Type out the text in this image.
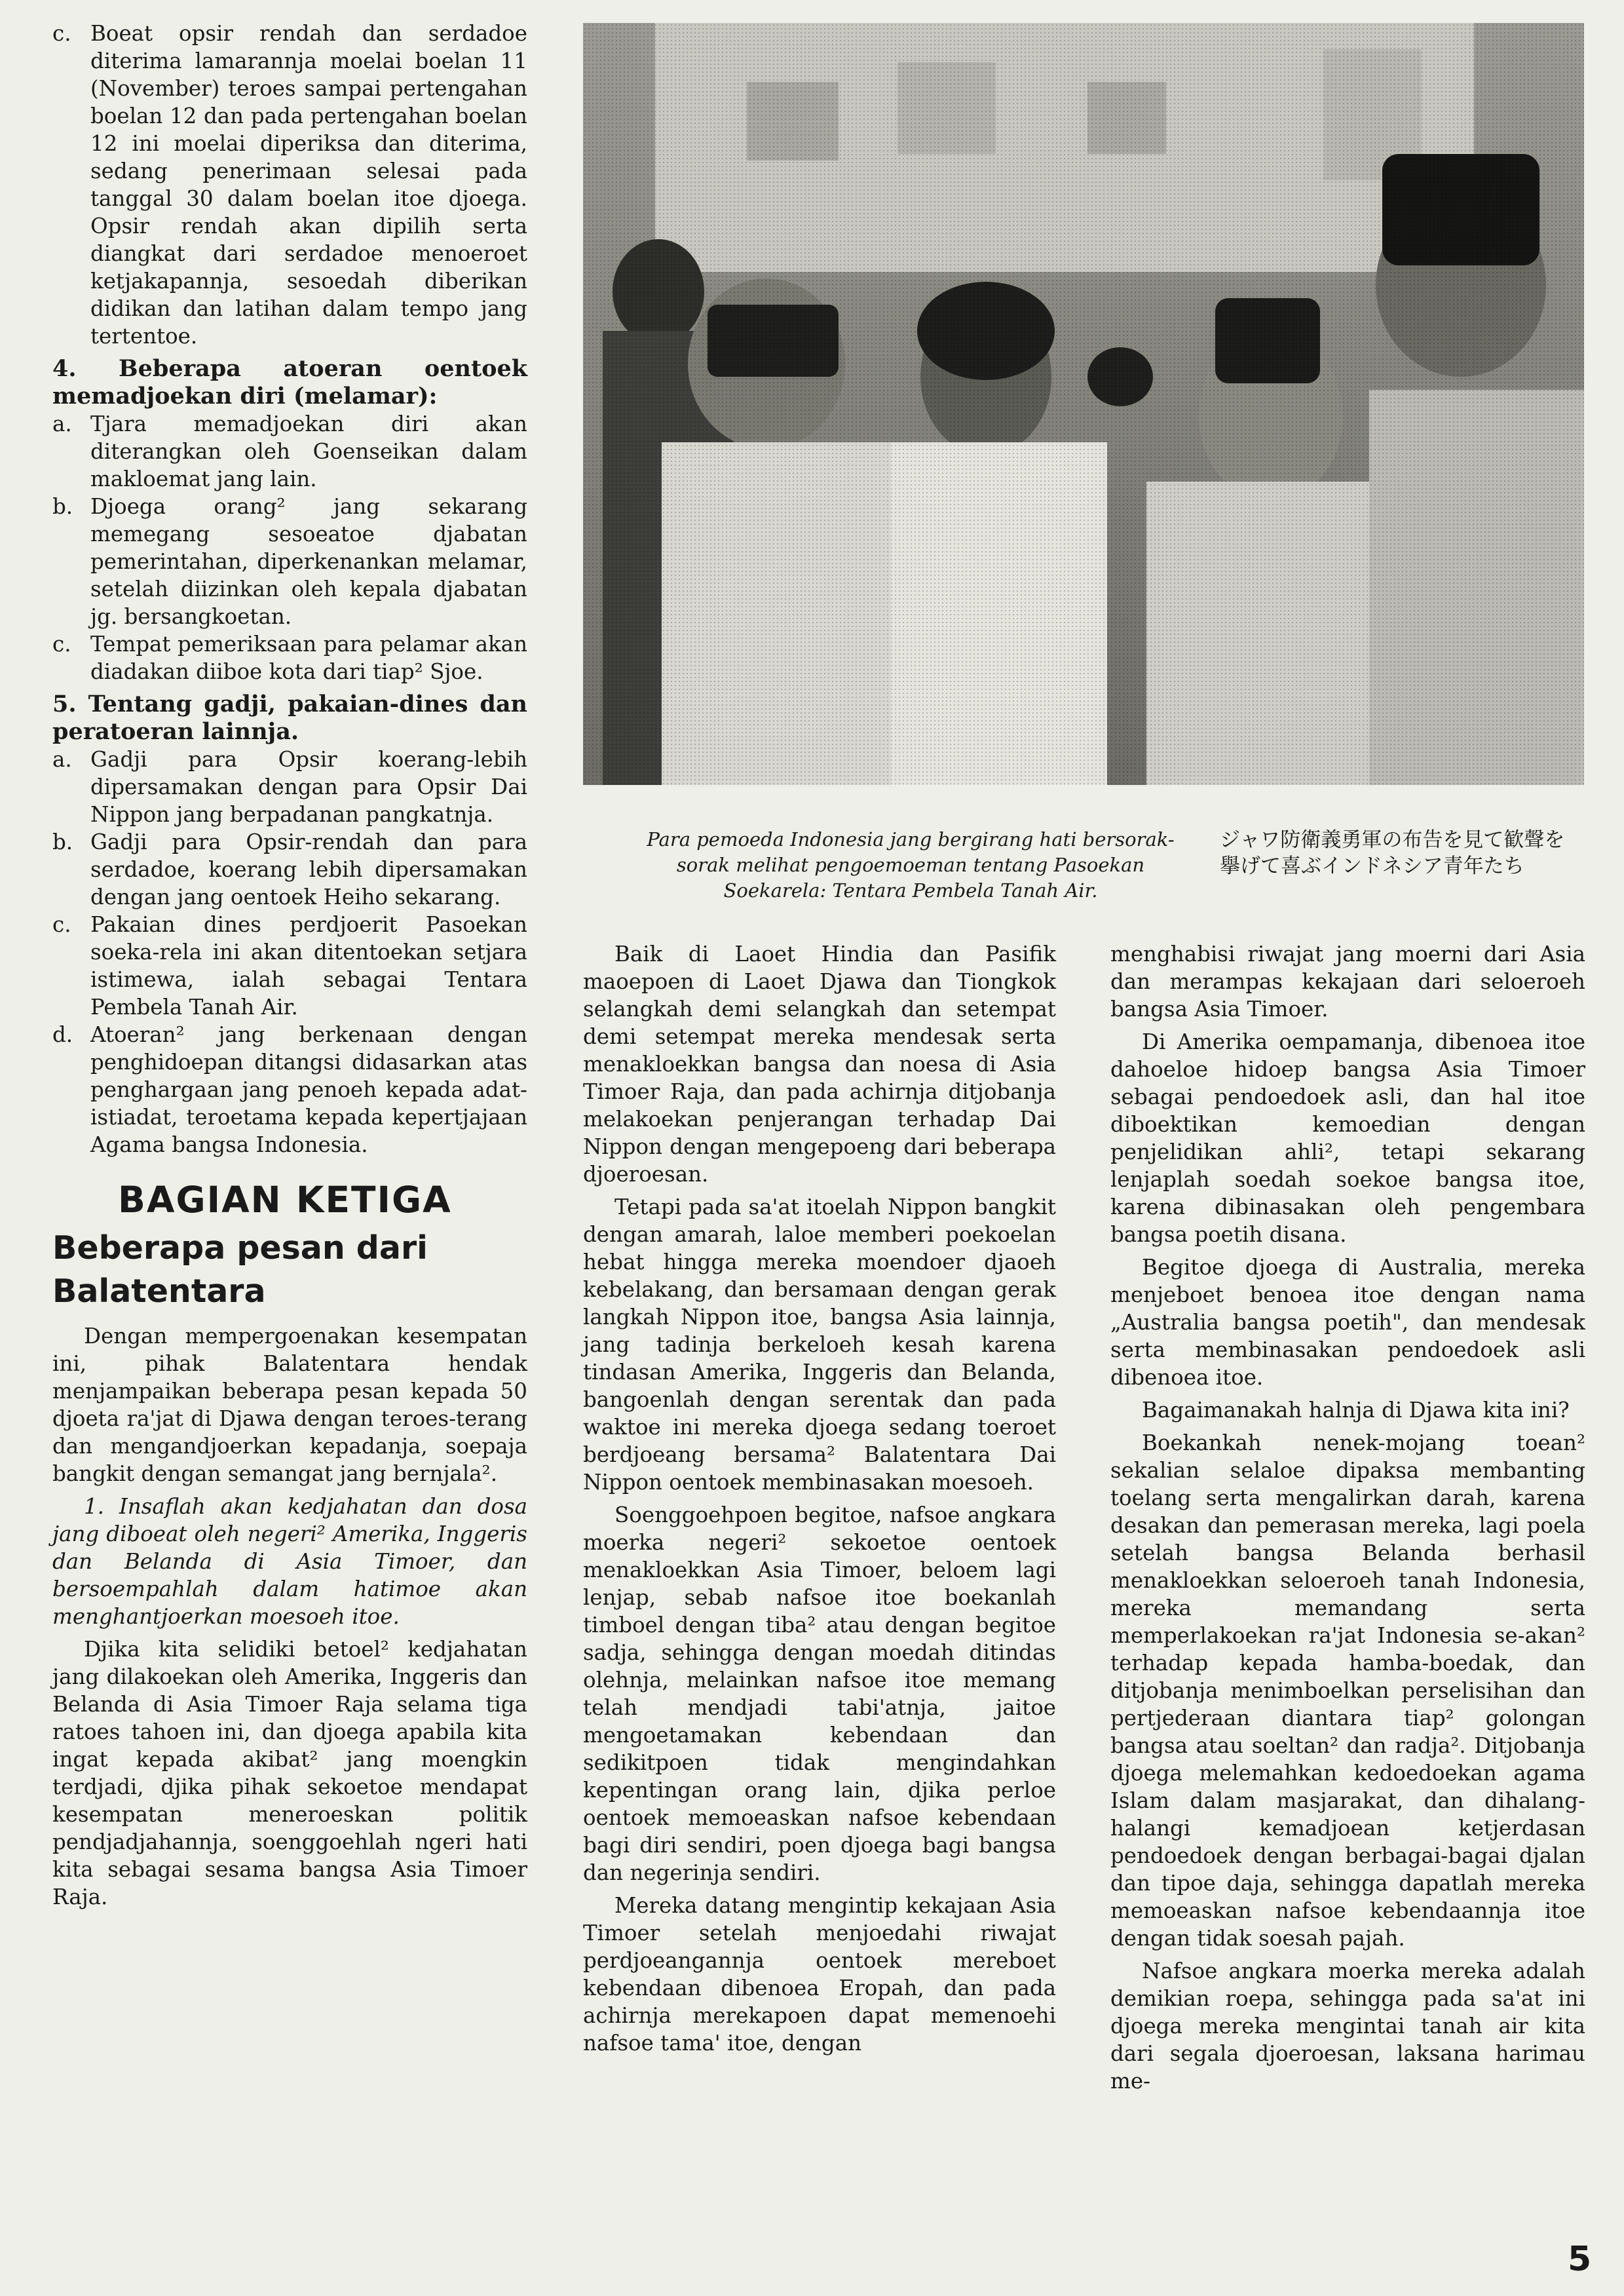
c. Boeat opsir rendah dan serdadoe diterima lamarannja moelai boelan 11 (November) teroes sampai pertengahan boelan 12 dan pada pertengahan boelan 12 ini moelai diperiksa dan diterima, sedang penerimaan selesai pada tanggal 30 dalam boelan itoe djoega. Opsir rendah akan dipilih serta diangkat dari serdadoe menoeroet ketjakapannja, sesoedah diberikan didikan dan latihan dalam tempo jang tertentoe.
4. Beberapa atoeran oentoek memadjoekan diri (melamar):
a. Tjara memadjoekan diri akan diterangkan oleh Goenseikan dalam makloemat jang lain.
b. Djoega orang² jang sekarang memegang sesoeatoe djabatan pemerintahan, diperkenankan melamar, setelah diizinkan oleh kepala djabatan jg. bersangkoetan.
c. Tempat pemeriksaan para pelamar akan diadakan diiboe kota dari tiap² Sjoe.
5. Tentang gadji, pakaian-dines dan peratoeran lainnja.
a. Gadji para Opsir koerang-lebih dipersamakan dengan para Opsir Dai Nippon jang berpadanan pangkatnja.
b. Gadji para Opsir-rendah dan para serdadoe, koerang lebih dipersamakan dengan jang oentoek Heiho sekarang.
c. Pakaian dines perdjoerit Pasoekan soeka-rela ini akan ditentoekan setjara istimewa, ialah sebagai Tentara Pembela Tanah Air.
d. Atoeran² jang berkenaan dengan penghidoepan ditangsi didasarkan atas penghargaan jang penoeh kepada adat-istiadat, teroetama kepada kepertjajaan Agama bangsa Indonesia.
BAGIAN KETIGA
Beberapa pesan dari Balatentara

Dengan mempergoenakan kesempatan ini, pihak Balatentara hendak menjampaikan beberapa pesan kepada 50 djoeta ra'jat di Djawa dengan teroes-terang dan mengandjoerkan kepadanja, soepaja bangkit dengan semangat jang bernjala².

1. Insaflah akan kedjahatan dan dosa jang diboeat oleh negeri² Amerika, Inggeris dan Belanda di Asia Timoer, dan bersoempahlah dalam hatimoe akan menghantjoerkan moesoeh itoe.

Djika kita selidiki betoel² kedjahatan jang dilakoekan oleh Amerika, Inggeris dan Belanda di Asia Timoer Raja selama tiga ratoes tahoen ini, dan djoega apabila kita ingat kepada akibat² jang moengkin terdjadi, djika pihak sekoetoe mendapat kesempatan meneroeskan politik pendjadjahannja, soenggoehlah ngeri hati kita sebagai sesama bangsa Asia Timoer Raja.

Para pemoeda Indonesia jang bergirang hati bersorak-sorak melihat pengoemoeman tentang Pasoekan Soekarela: Tentara Pembela Tanah Air.
ジャワ防衛義勇軍の布告を見て歓聲を擧げて喜ぶインドネシア青年たち

Baik di Laoet Hindia dan Pasifik maoepoen di Laoet Djawa dan Tiongkok selangkah demi selangkah dan setempat demi setempat mereka mendesak serta menakloekkan bangsa dan noesa di Asia Timoer Raja, dan pada achirnja ditjobanja melakoekan penjerangan terhadap Dai Nippon dengan mengepoeng dari beberapa djoeroesan.

Tetapi pada sa'at itoelah Nippon bangkit dengan amarah, laloe memberi poekoelan hebat hingga mereka moendoer djaoeh kebelakang, dan bersamaan dengan gerak langkah Nippon itoe, bangsa Asia lainnja, jang tadinja berkeloeh kesah karena tindasan Amerika, Inggeris dan Belanda, bangoenlah dengan serentak dan pada waktoe ini mereka djoega sedang toeroet berdjoeang bersama² Balatentara Dai Nippon oentoek membinasakan moesoeh.

Soenggoehpoen begitoe, nafsoe angkara moerka negeri² sekoetoe oentoek menakloekkan Asia Timoer, beloem lagi lenjap, sebab nafsoe itoe boekanlah timboel dengan tiba² atau dengan begitoe sadja, sehingga dengan moedah ditindas olehnja, melainkan nafsoe itoe memang telah mendjadi tabi'atnja, jaitoe mengoetamakan kebendaan dan sedikitpoen tidak mengindahkan kepentingan orang lain, djika perloe oentoek memoeaskan nafsoe kebendaan bagi diri sendiri, poen djoega bagi bangsa dan negerinja sendiri.

Mereka datang mengintip kekajaan Asia Timoer setelah menjoedahi riwajat perdjoeangannja oentoek mereboet kebendaan dibenoea Eropah, dan pada achirnja merekapoen dapat memenoehi nafsoe tama' itoe, dengan

menghabisi riwajat jang moerni dari Asia dan merampas kekajaan dari seloeroeh bangsa Asia Timoer.

Di Amerika oempamanja, dibenoea itoe dahoeloe hidoep bangsa Asia Timoer sebagai pendoedoek asli, dan hal itoe diboektikan kemoedian dengan penjelidikan ahli², tetapi sekarang lenjaplah soedah soekoe bangsa itoe, karena dibinasakan oleh pengembara bangsa poetih disana.

Begitoe djoega di Australia, mereka menjeboet benoea itoe dengan nama „Australia bangsa poetih", dan mendesak serta membinasakan pendoedoek asli dibenoea itoe.

Bagaimanakah halnja di Djawa kita ini?

Boekankah nenek-mojang toean² sekalian selaloe dipaksa membanting toelang serta mengalirkan darah, karena desakan dan pemerasan mereka, lagi poela setelah bangsa Belanda berhasil menakloekkan seloeroeh tanah Indonesia, mereka memandang serta memperlakoekan ra'jat Indonesia se-akan² terhadap kepada hamba-boedak, dan ditjobanja menimboelkan perselisihan dan pertjederaan diantara tiap² golongan bangsa atau soeltan² dan radja². Ditjobanja djoega melemahkan kedoedoekan agama Islam dalam masjarakat, dan dihalang-halangi kemadjoean ketjerdasan pendoedoek dengan berbagai-bagai djalan dan tipoe daja, sehingga dapatlah mereka memoeaskan nafsoe kebendaannja itoe dengan tidak soesah pajah.

Nafsoe angkara moerka mereka adalah demikian roepa, sehingga pada sa'at ini djoega mereka mengintai tanah air kita dari segala djoeroesan, laksana harimau me-

5
